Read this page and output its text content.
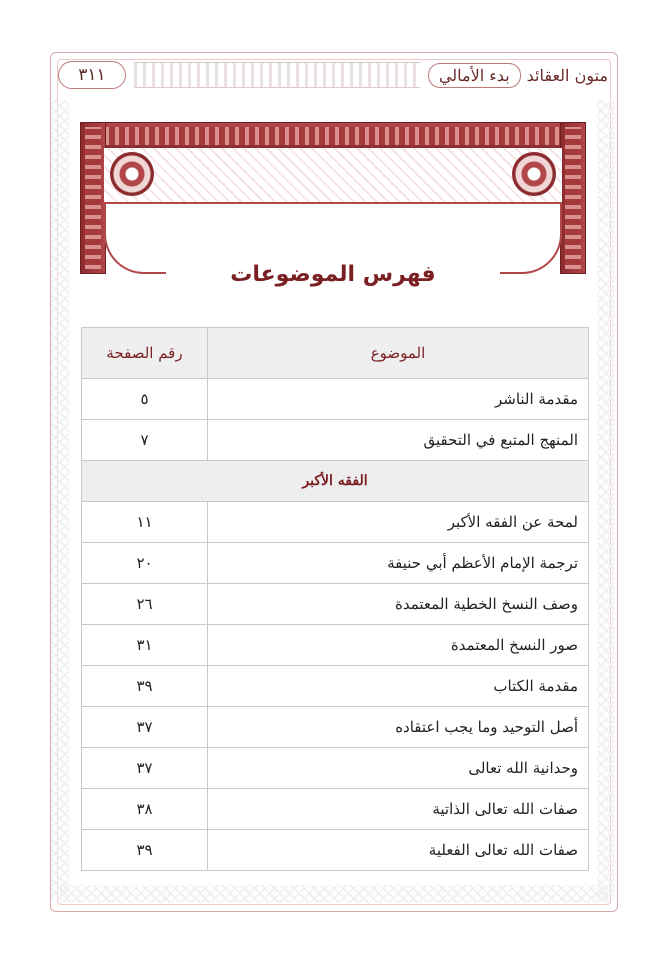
٣١١	متون العقائد
بدء الأمالي
فهرس الموضوعات
الموضوع	رقم الصفحة
مقدمة الناشر	٥
المنهج المتبع في التحقيق	٧
الفقه الأكبر	
لمحة عن الفقه الأكبر	١١
ترجمة الإمام الأعظم أبي حنيفة	٢٠
وصف النسخ الخطية المعتمدة	٢٦
صور النسخ المعتمدة	٣١
مقدمة الكتاب	٣٩
أصل التوحيد وما يجب اعتقاده	٣٧
وحدانية الله تعالى	٣٧
صفات الله تعالى الذاتية	٣٨
صفات الله تعالى الفعلية	٣٩
